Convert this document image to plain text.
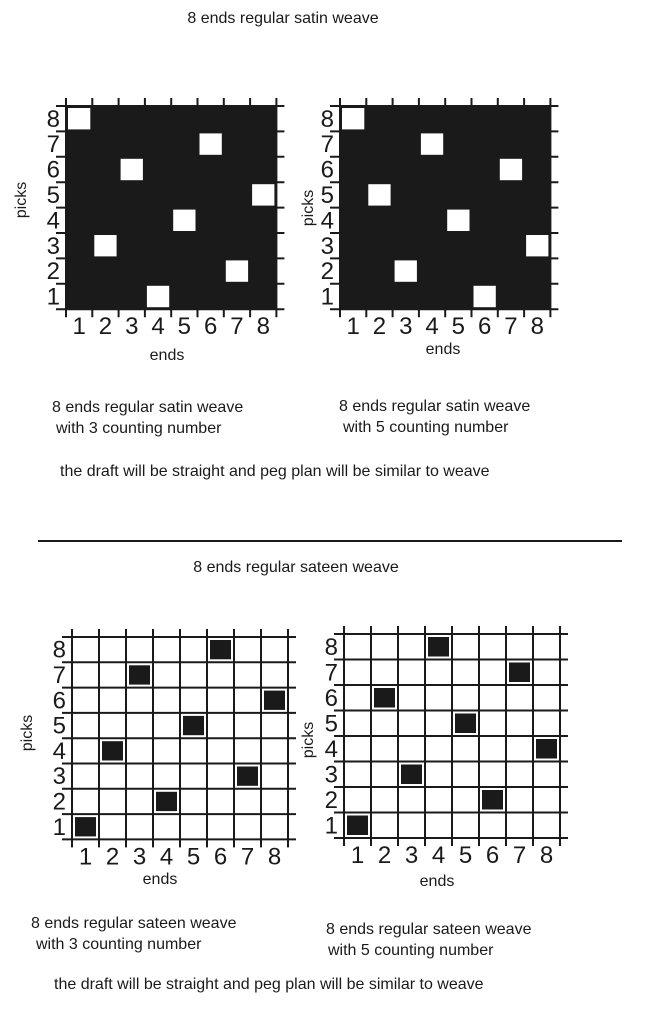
8 ends regular satin weave
1
2
3
4
5
6
7
8
1 2 3 4 5 6 7 8
ends
picks
8 ends regular satin weave
with 3 counting number
8 ends regular satin weave
with 5 counting number
the draft will be straight and peg plan will be similar to weave
8 ends regular sateen weave
8 ends regular sateen weave
with 3 counting number
8 ends regular sateen weave
with 5 counting number
the draft will be straight and peg plan will be similar to weave
1
2
3
4
5
6
7
8
1 2 3 4 5 6 7 8
ends
picks
1
2
3
4
5
6
7
8
1 2 3 4 5 6 7 8
ends
picks
1
2
3
4
5
6
7
8
1 2 3 4 5 6 7 8
ends
picks
